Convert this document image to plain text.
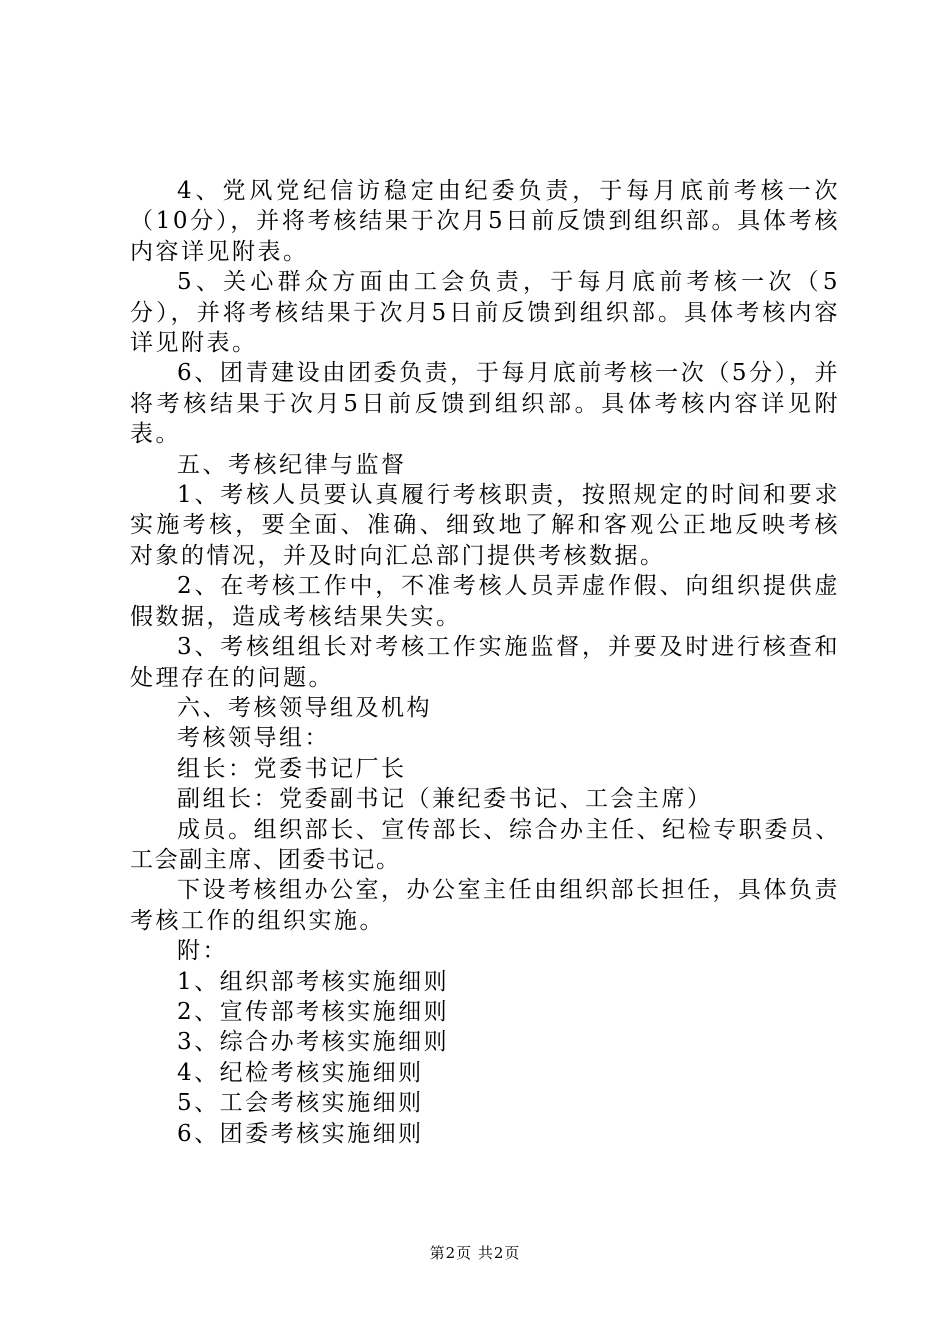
4、党风党纪信访稳定由纪委负责，于每月底前考核一次（10分），并将考核结果于次月5日前反馈到组织部。具体考核内容详见附表。

5、关心群众方面由工会负责，于每月底前考核一次（5分），并将考核结果于次月5日前反馈到组织部。具体考核内容详见附表。

6、团青建设由团委负责，于每月底前考核一次（5分），并将考核结果于次月5日前反馈到组织部。具体考核内容详见附表。

五、考核纪律与监督

1、考核人员要认真履行考核职责，按照规定的时间和要求实施考核，要全面、准确、细致地了解和客观公正地反映考核对象的情况，并及时向汇总部门提供考核数据。

2、在考核工作中，不准考核人员弄虚作假、向组织提供虚假数据，造成考核结果失实。

3、考核组组长对考核工作实施监督，并要及时进行核查和处理存在的问题。

六、考核领导组及机构

考核领导组：

组长：党委书记厂长

副组长：党委副书记（兼纪委书记、工会主席）

成员。组织部长、宣传部长、综合办主任、纪检专职委员、工会副主席、团委书记。

下设考核组办公室，办公室主任由组织部长担任，具体负责考核工作的组织实施。

附：

1、组织部考核实施细则

2、宣传部考核实施细则

3、综合办考核实施细则

4、纪检考核实施细则

5、工会考核实施细则

6、团委考核实施细则

第2页 共2页
